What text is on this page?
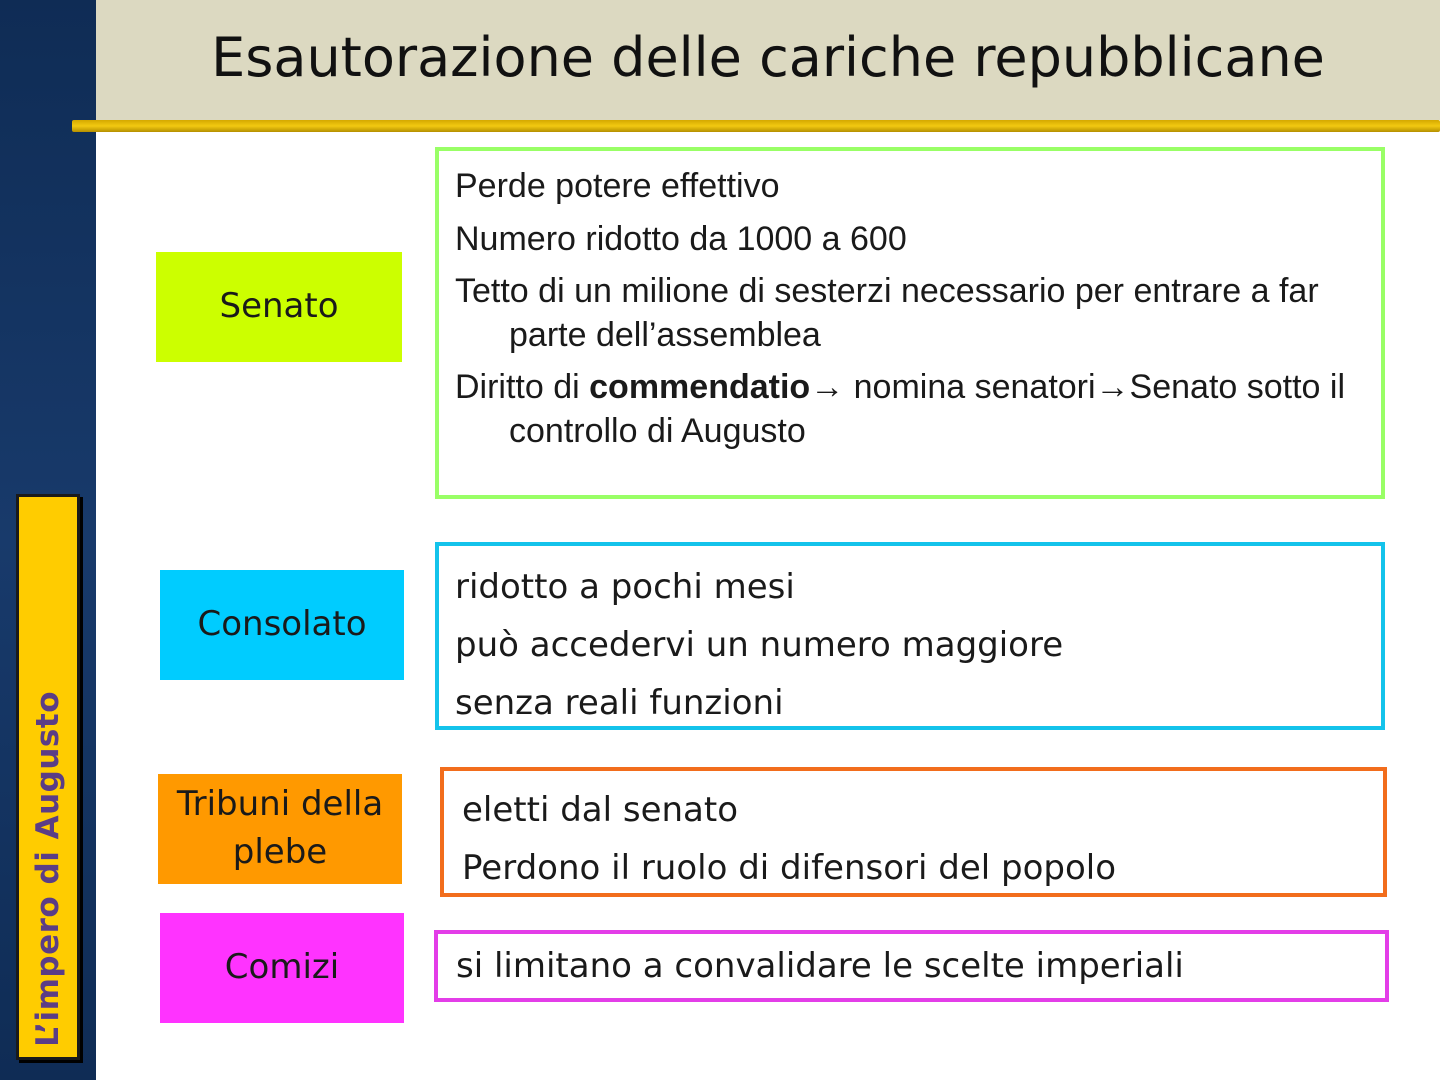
L’impero di Augusto
Esautorazione delle cariche repubblicane
Senato
Perde potere effettivo
Numero ridotto da 1000 a 600
Tetto di un milione di sesterzi necessario per entrare a far parte dell’assemblea
Diritto di commendatio→ nomina senatori→Senato sotto il controllo di Augusto
Consolato
ridotto a pochi mesi
può accedervi un numero maggiore
senza reali funzioni
Tribuni della plebe
eletti dal senato
Perdono il ruolo di difensori del popolo
Comizi	si limitano a convalidare le scelte imperiali
